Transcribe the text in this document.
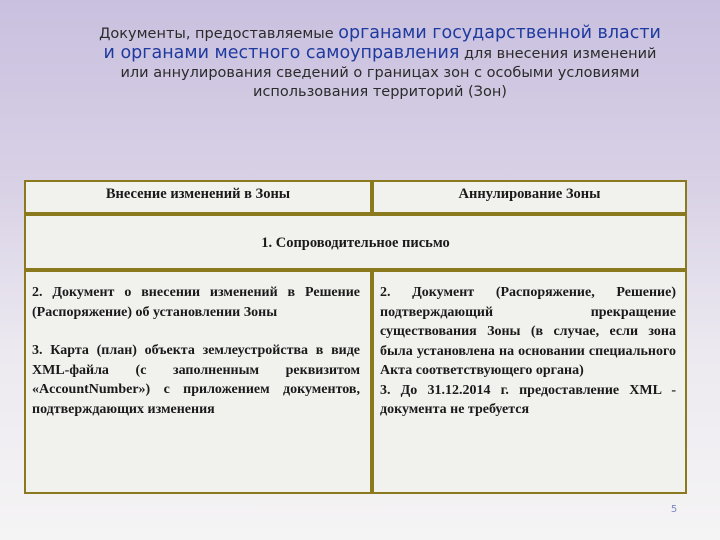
Документы, предоставляемые органами государственной власти
и органами местного самоуправления для внесения изменений
или аннулирования сведений о границах зон с особыми условиями
использования территорий (Зон)
Внесение изменений в Зоны	Аннулирование Зоны
1. Сопроводительное письмо

2. Документ о внесении изменений в Решение (Распоряжение) об установлении Зоны

3. Карта (план) объекта землеустройства в виде XML-файла (с заполненным реквизитом «AccountNumber») с приложением документов, подтверждающих изменения

2. Документ (Распоряжение, Решение) подтверждающий прекращение существования Зоны (в случае, если зона была установлена на основании специального Акта соответствующего органа)

3. До 31.12.2014 г. предоставление XML - документа не требуется

5
